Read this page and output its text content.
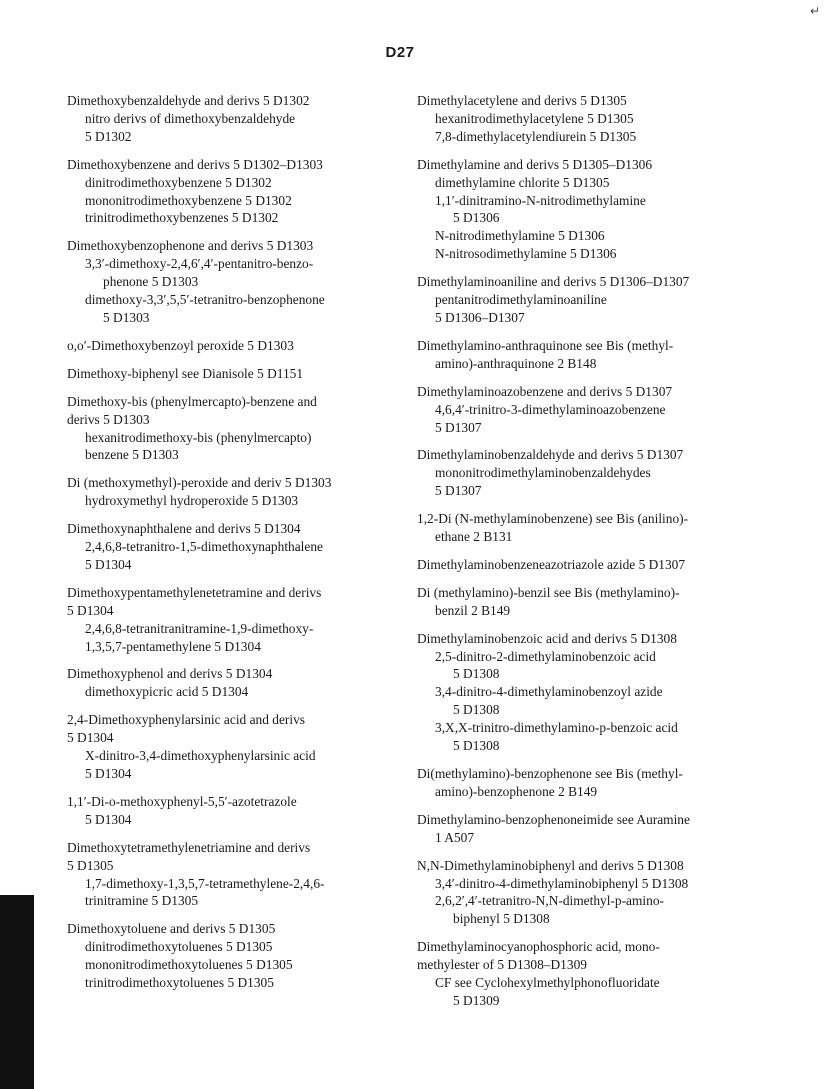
D27
↵
Dimethoxybenzaldehyde and derivs 5 D1302
nitro derivs of dimethoxybenzaldehyde
5 D1302
Dimethoxybenzene and derivs 5 D1302–D1303
dinitrodimethoxybenzene 5 D1302
mononitrodimethoxybenzene 5 D1302
trinitrodimethoxybenzenes 5 D1302
Dimethoxybenzophenone and derivs 5 D1303
3,3′-dimethoxy-2,4,6′,4′-pentanitro-benzo-
phenone 5 D1303
dimethoxy-3,3′,5,5′-tetranitro-benzophenone
5 D1303
o,o′-Dimethoxybenzoyl peroxide 5 D1303
Dimethoxy-biphenyl see Dianisole 5 D1151
Dimethoxy-bis (phenylmercapto)-benzene and
derivs 5 D1303
hexanitrodimethoxy-bis (phenylmercapto)
benzene 5 D1303
Di (methoxymethyl)-peroxide and deriv 5 D1303
hydroxymethyl hydroperoxide 5 D1303
Dimethoxynaphthalene and derivs 5 D1304
2,4,6,8-tetranitro-1,5-dimethoxynaphthalene
5 D1304
Dimethoxypentamethylenetetramine and derivs
5 D1304
2,4,6,8-tetranitranitramine-1,9-dimethoxy-
1,3,5,7-pentamethylene 5 D1304
Dimethoxyphenol and derivs 5 D1304
dimethoxypicric acid 5 D1304
2,4-Dimethoxyphenylarsinic acid and derivs
5 D1304
X-dinitro-3,4-dimethoxyphenylarsinic acid
5 D1304
1,1′-Di-o-methoxyphenyl-5,5′-azotetrazole
5 D1304
Dimethoxytetramethylenetriamine and derivs
5 D1305
1,7-dimethoxy-1,3,5,7-tetramethylene-2,4,6-
trinitramine 5 D1305
Dimethoxytoluene and derivs 5 D1305
dinitrodimethoxytoluenes 5 D1305
mononitrodimethoxytoluenes 5 D1305
trinitrodimethoxytoluenes 5 D1305
Dimethylacetylene and derivs 5 D1305
hexanitrodimethylacetylene 5 D1305
7,8-dimethylacetylendiurein 5 D1305
Dimethylamine and derivs 5 D1305–D1306
dimethylamine chlorite 5 D1305
1,1′-dinitramino-N-nitrodimethylamine
5 D1306
N-nitrodimethylamine 5 D1306
N-nitrosodimethylamine 5 D1306
Dimethylaminoaniline and derivs 5 D1306–D1307
pentanitrodimethylaminoaniline
5 D1306–D1307
Dimethylamino-anthraquinone see Bis (methyl-
amino)-anthraquinone 2 B148
Dimethylaminoazobenzene and derivs 5 D1307
4,6,4′-trinitro-3-dimethylaminoazobenzene
5 D1307
Dimethylaminobenzaldehyde and derivs 5 D1307
mononitrodimethylaminobenzaldehydes
5 D1307
1,2-Di (N-methylaminobenzene) see Bis (anilino)-
ethane 2 B131
Dimethylaminobenzeneazotriazole azide 5 D1307
Di (methylamino)-benzil see Bis (methylamino)-
benzil 2 B149
Dimethylaminobenzoic acid and derivs 5 D1308
2,5-dinitro-2-dimethylaminobenzoic acid
5 D1308
3,4-dinitro-4-dimethylaminobenzoyl azide
5 D1308
3,X,X-trinitro-dimethylamino-p-benzoic acid
5 D1308
Di(methylamino)-benzophenone see Bis (methyl-
amino)-benzophenone 2 B149
Dimethylamino-benzophenoneimide see Auramine
1 A507
N,N-Dimethylaminobiphenyl and derivs 5 D1308
3,4′-dinitro-4-dimethylaminobiphenyl 5 D1308
2,6,2′,4′-tetranitro-N,N-dimethyl-p-amino-
biphenyl 5 D1308
Dimethylaminocyanophosphoric acid, mono-
methylester of 5 D1308–D1309
CF see Cyclohexylmethylphonofluoridate
5 D1309
